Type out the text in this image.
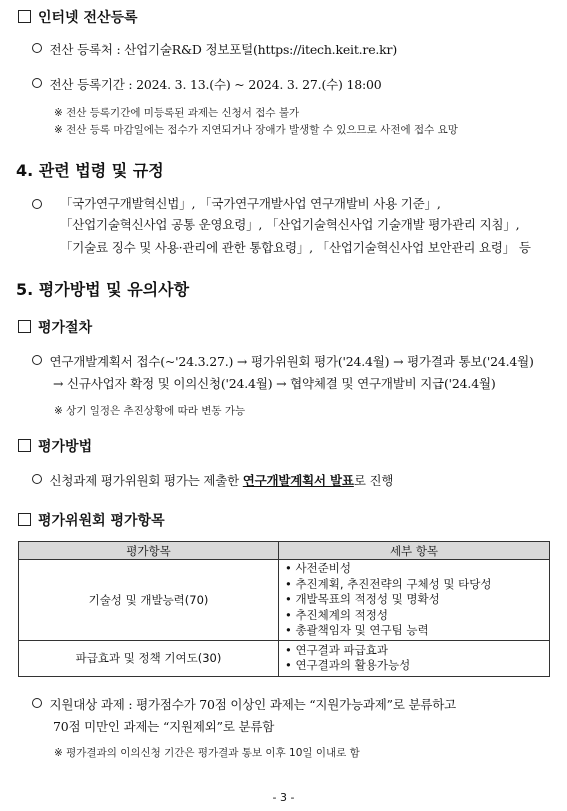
인터넷 전산등록
전산 등록처 : 산업기술R&D 정보포털(https://itech.keit.re.kr)
전산 등록기간 : 2024. 3. 13.(수) ~ 2024. 3. 27.(수) 18:00
※ 전산 등록기간에 미등록된 과제는 신청서 접수 불가
※ 전산 등록 마감일에는 접수가 지연되거나 장애가 발생할 수 있으므로 사전에 접수 요망
4. 관련 법령 및 규정
「국가연구개발혁신법」, 「국가연구개발사업 연구개발비 사용 기준」,
「산업기술혁신사업 공통 운영요령」, 「산업기술혁신사업 기술개발 평가관리 지침」,
「기술료 징수 및 사용·관리에 관한 통합요령」, 「산업기술혁신사업 보안관리 요령」 등
5. 평가방법 및 유의사항
평가절차
연구개발계획서 접수(~'24.3.27.) → 평가위원회 평가('24.4월) → 평가결과 통보('24.4월)
→ 신규사업자 확정 및 이의신청('24.4월) → 협약체결 및 연구개발비 지급('24.4월)
※ 상기 일정은 추진상황에 따라 변동 가능
평가방법
신청과제 평가위원회 평가는 제출한 연구개발계획서 발표로 진행
평가위원회 평가항목
평가항목	세부 항목
기술성 및 개발능력(70)	• 사전준비성
• 추진계획, 추진전략의 구체성 및 타당성
• 개발목표의 적정성 및 명확성
• 추진체계의 적정성
• 총괄책임자 및 연구팀 능력

파급효과 및 정책 기여도(30)	• 연구결과 파급효과
• 연구결과의 활용가능성
지원대상 과제 : 평가점수가 70점 이상인 과제는 “지원가능과제”로 분류하고
70점 미만인 과제는 “지원제외”로 분류함
※ 평가결과의 이의신청 기간은 평가결과 통보 이후 10일 이내로 함
- 3 -
